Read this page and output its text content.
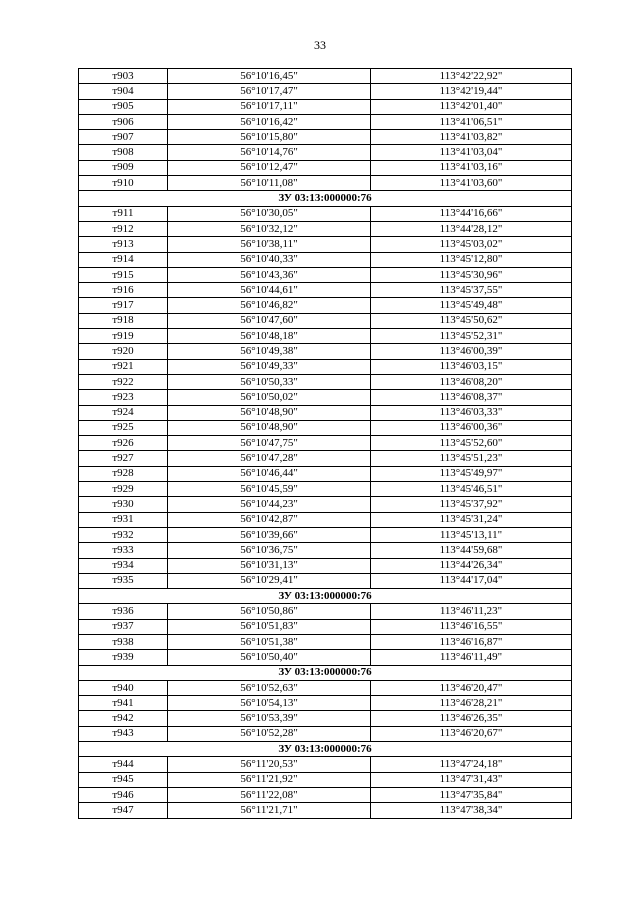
33
т903	56°10'16,45"	113°42'22,92"
т904	56°10'17,47"	113°42'19,44"
т905	56°10'17,11"	113°42'01,40"
т906	56°10'16,42"	113°41'06,51"
т907	56°10'15,80"	113°41'03,82"
т908	56°10'14,76"	113°41'03,04"
т909	56°10'12,47"	113°41'03,16"
т910	56°10'11,08"	113°41'03,60"
ЗУ 03:13:000000:76		
т911	56°10'30,05"	113°44'16,66"
т912	56°10'32,12"	113°44'28,12"
т913	56°10'38,11"	113°45'03,02"
т914	56°10'40,33"	113°45'12,80"
т915	56°10'43,36"	113°45'30,96"
т916	56°10'44,61"	113°45'37,55"
т917	56°10'46,82"	113°45'49,48"
т918	56°10'47,60"	113°45'50,62"
т919	56°10'48,18"	113°45'52,31"
т920	56°10'49,38"	113°46'00,39"
т921	56°10'49,33"	113°46'03,15"
т922	56°10'50,33"	113°46'08,20"
т923	56°10'50,02"	113°46'08,37"
т924	56°10'48,90"	113°46'03,33"
т925	56°10'48,90"	113°46'00,36"
т926	56°10'47,75"	113°45'52,60"
т927	56°10'47,28"	113°45'51,23"
т928	56°10'46,44"	113°45'49,97"
т929	56°10'45,59"	113°45'46,51"
т930	56°10'44,23"	113°45'37,92"
т931	56°10'42,87"	113°45'31,24"
т932	56°10'39,66"	113°45'13,11"
т933	56°10'36,75"	113°44'59,68"
т934	56°10'31,13"	113°44'26,34"
т935	56°10'29,41"	113°44'17,04"
ЗУ 03:13:000000:76		
т936	56°10'50,86"	113°46'11,23"
т937	56°10'51,83"	113°46'16,55"
т938	56°10'51,38"	113°46'16,87"
т939	56°10'50,40"	113°46'11,49"
ЗУ 03:13:000000:76		
т940	56°10'52,63"	113°46'20,47"
т941	56°10'54,13"	113°46'28,21"
т942	56°10'53,39"	113°46'26,35"
т943	56°10'52,28"	113°46'20,67"
ЗУ 03:13:000000:76		
т944	56°11'20,53"	113°47'24,18"
т945	56°11'21,92"	113°47'31,43"
т946	56°11'22,08"	113°47'35,84"
т947	56°11'21,71"	113°47'38,34"
